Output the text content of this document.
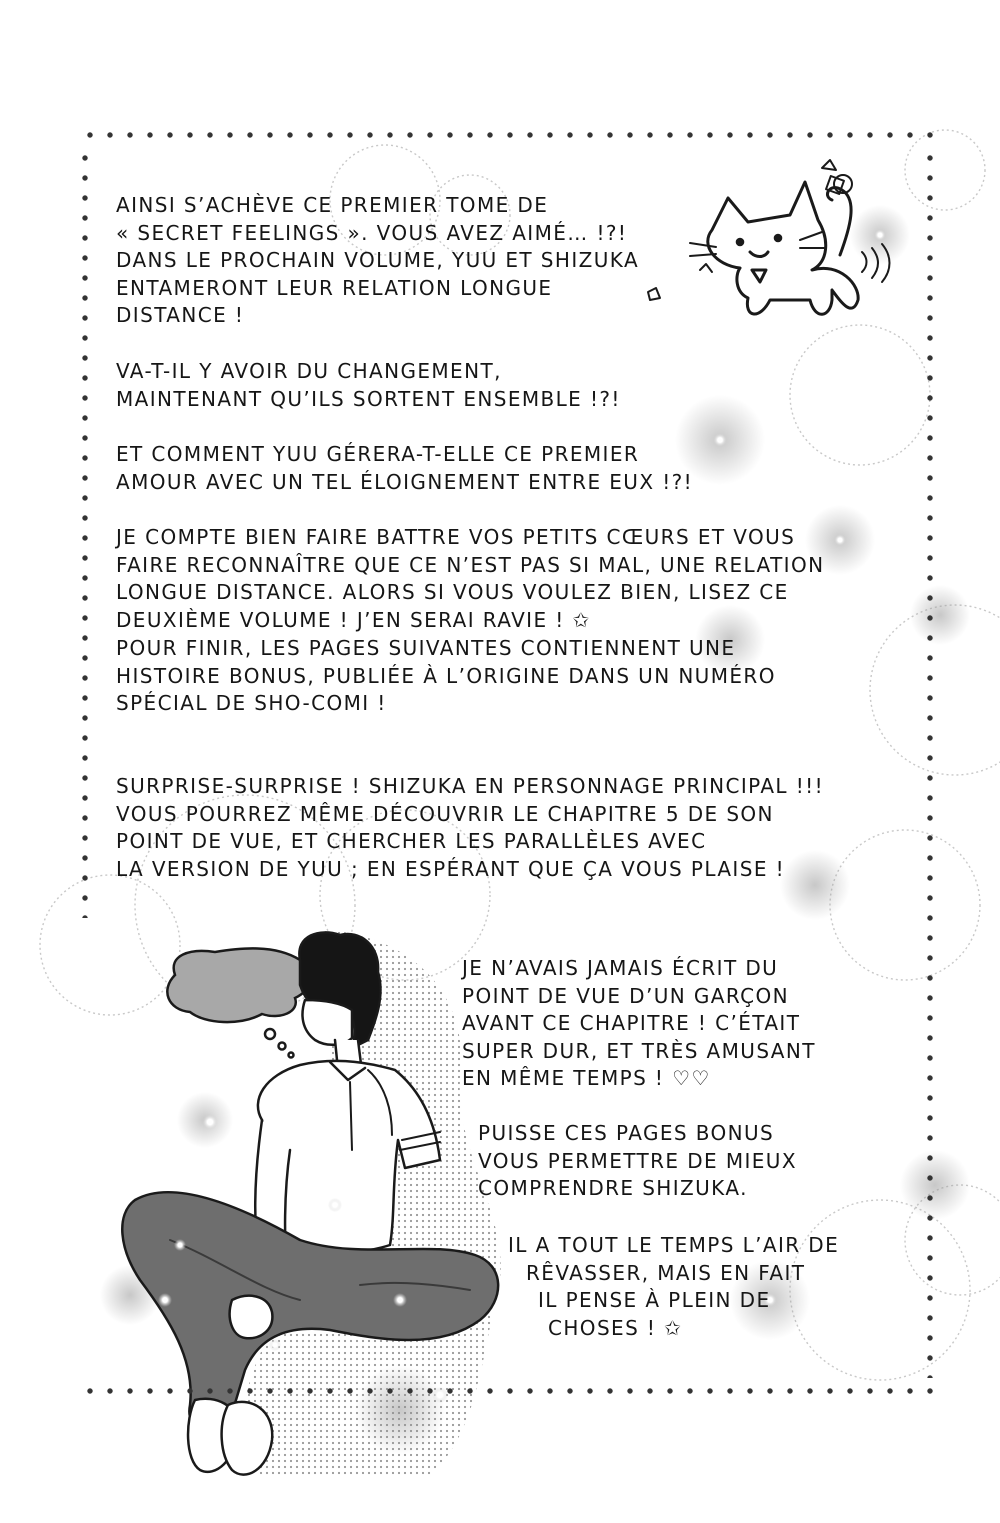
AINSI S’ACHÈVE CE PREMIER TOME DE
« SECRET FEELINGS ». VOUS AVEZ AIMÉ… !?!
DANS LE PROCHAIN VOLUME, YUU ET SHIZUKA
ENTAMERONT LEUR RELATION LONGUE
DISTANCE !

VA-T-IL Y AVOIR DU CHANGEMENT,
MAINTENANT QU’ILS SORTENT ENSEMBLE !?!

ET COMMENT YUU GÉRERA-T-ELLE CE PREMIER
AMOUR AVEC UN TEL ÉLOIGNEMENT ENTRE EUX !?!

JE COMPTE BIEN FAIRE BATTRE VOS PETITS CŒURS ET VOUS
FAIRE RECONNAÎTRE QUE CE N’EST PAS SI MAL, UNE RELATION
LONGUE DISTANCE. ALORS SI VOUS VOULEZ BIEN, LISEZ CE
DEUXIÈME VOLUME ! J’EN SERAI RAVIE ! ✩

POUR FINIR, LES PAGES SUIVANTES CONTIENNENT UNE
HISTOIRE BONUS, PUBLIÉE À L’ORIGINE DANS UN NUMÉRO
SPÉCIAL DE SHO-COMI !

SURPRISE-SURPRISE ! SHIZUKA EN PERSONNAGE PRINCIPAL !!!
VOUS POURREZ MÊME DÉCOUVRIR LE CHAPITRE 5 DE SON
POINT DE VUE, ET CHERCHER LES PARALLÈLES AVEC
LA VERSION DE YUU ; EN ESPÉRANT QUE ÇA VOUS PLAISE !

JE N’AVAIS JAMAIS ÉCRIT DU
POINT DE VUE D’UN GARÇON
AVANT CE CHAPITRE ! C’ÉTAIT
SUPER DUR, ET TRÈS AMUSANT
EN MÊME TEMPS ! ♡♡

PUISSE CES PAGES BONUS
VOUS PERMETTRE DE MIEUX
COMPRENDRE SHIZUKA.

IL A TOUT LE TEMPS L’AIR DE
RÊVASSER, MAIS EN FAIT
IL PENSE À PLEIN DE
CHOSES ! ✩
